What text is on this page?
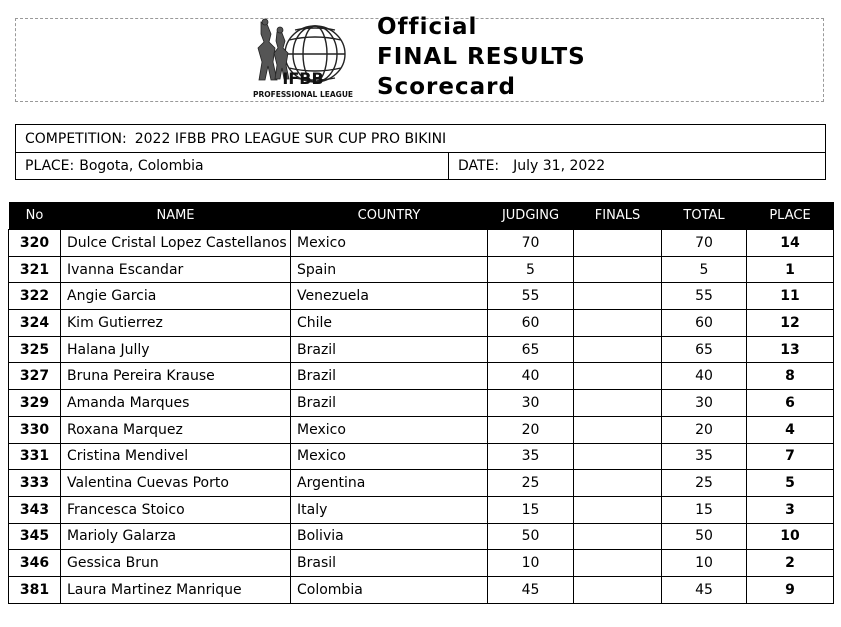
IFBB
PROFESSIONAL LEAGUE
Official
FINAL RESULTS
Scorecard
COMPETITION: 2022 IFBB PRO LEAGUE SUR CUP PRO BIKINI
PLACE: Bogota, Colombia	DATE: July 31, 2022
No	NAME	COUNTRY	JUDGING	FINALS	TOTAL	PLACE
320	Dulce Cristal Lopez Castellanos	Mexico	70		70	14
321	Ivanna Escandar	Spain	5		5	1
322	Angie Garcia	Venezuela	55		55	11
324	Kim Gutierrez	Chile	60		60	12
325	Halana Jully	Brazil	65		65	13
327	Bruna Pereira Krause	Brazil	40		40	8
329	Amanda Marques	Brazil	30		30	6
330	Roxana Marquez	Mexico	20		20	4
331	Cristina Mendivel	Mexico	35		35	7
333	Valentina Cuevas Porto	Argentina	25		25	5
343	Francesca Stoico	Italy	15		15	3
345	Marioly Galarza	Bolivia	50		50	10
346	Gessica Brun	Brasil	10		10	2
381	Laura Martinez Manrique	Colombia	45		45	9
